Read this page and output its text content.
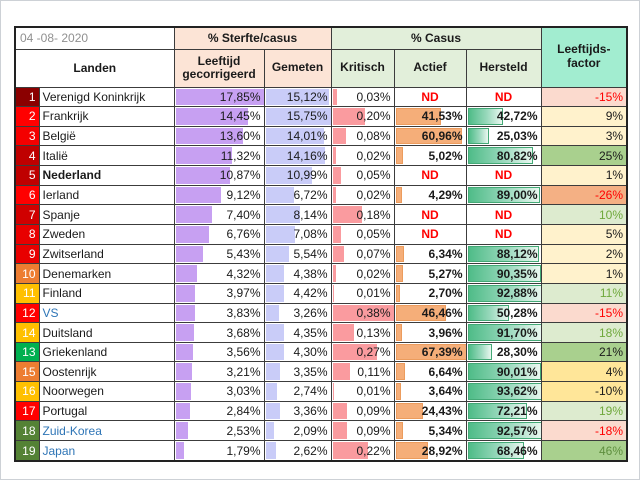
04 -08- 2020		% Sterfte/casus		% Casus			Leeftijds-factor
Landen		Leeftijd gecorrigeerd	Gemeten	Kritisch	Actief	Hersteld	
1	Verenigd Koninkrijk	17,85%	15,12%	0,03%	ND	ND	-15%
2	Frankrijk	14,45%	15,75%	0,20%	41,53%	42,72%	9%
3	België	13,60%	14,01%	0,08%	60,96%	25,03%	3%
4	Italië	11,32%	14,16%	0,02%	5,02%	80,82%	25%
5	Nederland	10,87%	10,99%	0,05%	ND	ND	1%
6	Ierland	9,12%	6,72%	0,02%	4,29%	89,00%	-26%
7	Spanje	7,40%	8,14%	0,18%	ND	ND	10%
8	Zweden	6,76%	7,08%	0,05%	ND	ND	5%
9	Zwitserland	5,43%	5,54%	0,07%	6,34%	88,12%	2%
10	Denemarken	4,32%	4,38%	0,02%	5,27%	90,35%	1%
11	Finland	3,97%	4,42%	0,01%	2,70%	92,88%	11%
12	VS	3,83%	3,26%	0,38%	46,46%	50,28%	-15%
14	Duitsland	3,68%	4,35%	0,13%	3,96%	91,70%	18%
13	Griekenland	3,56%	4,30%	0,27%	67,39%	28,30%	21%
15	Oostenrijk	3,21%	3,35%	0,11%	6,64%	90,01%	4%
16	Noorwegen	3,03%	2,74%	0,01%	3,64%	93,62%	-10%
17	Portugal	2,84%	3,36%	0,09%	24,43%	72,21%	19%
18	Zuid-Korea	2,53%	2,09%	0,09%	5,34%	92,57%	-18%
19	Japan	1,79%	2,62%	0,22%	28,92%	68,46%	46%
